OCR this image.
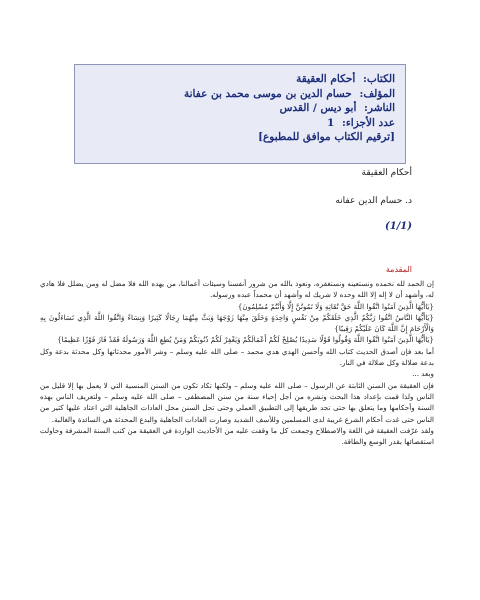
الكتاب: أحكام العقيقة
المؤلف: حسام الدين بن موسى محمد بن عفانة
الناشر: أبو ديس / القدس
عدد الأجزاء: 1
[ترقيم الكتاب موافق للمطبوع]
أحكام العقيقة
د. حسام الدين عفانه
(1/1)
المقدمة

إن الحمد لله نحمده ونستعينه ونستغفره، ونعوذ بالله من شرور أنفسنا وسيئات أعمالنا، من يهده الله فلا مضل له ومن يضلل فلا هادي له، وأشهد أن لا إله إلا الله وحده لا شريك له وأشهد أن محمداً عبده ورسوله.

{يَاأَيُّهَا الَّذِينَ آمَنُوا اتَّقُوا اللَّهَ حَقَّ تُقَاتِهِ وَلَا تَمُوتُنَّ إِلَّا وَأَنْتُمْ مُسْلِمُونَ}

{يَاأَيُّهَا النَّاسُ اتَّقُوا رَبَّكُمُ الَّذِي خَلَقَكُمْ مِنْ نَفْسٍ وَاحِدَةٍ وَخَلَقَ مِنْهَا زَوْجَهَا وَبَثَّ مِنْهُمَا رِجَالًا كَثِيرًا وَنِسَاءً وَاتَّقُوا اللَّهَ الَّذِي تَسَاءَلُونَ بِهِ وَالْأَرْحَامَ إِنَّ اللَّهَ كَانَ عَلَيْكُمْ رَقِيبًا}

{يَاأَيُّهَا الَّذِينَ آمَنُوا اتَّقُوا اللَّهَ وَقُولُوا قَوْلًا سَدِيدًا يُصْلِحْ لَكُمْ أَعْمَالَكُمْ وَيَغْفِرْ لَكُمْ ذُنُوبَكُمْ وَمَنْ يُطِعِ اللَّهَ وَرَسُولَهُ فَقَدْ فَازَ فَوْزًا عَظِيمًا}

أما بعد فإن أصدق الحديث كتاب الله وأحسن الهدي هدي محمد – صلى الله عليه وسلم – وشر الأمور محدثاتها وكل محدثة بدعة وكل بدعة ضلالة وكل ضلالة في النار.

وبعد ...

فإن العقيقة من السنن الثابتة عن الرسول – صلى الله عليه وسلم – ولكنها تكاد تكون من السنن المنسية التي لا يعمل بها إلا قليل من الناس ولذا قمت بإعداد هذا البحث ونشره من أجل إحياء سنة من سنن المصطفى – صلى الله عليه وسلم – ولتعريف الناس بهذه السنة وأحكامها وما يتعلق بها حتى تجد طريقها إلى التطبيق العملي وحتى تحل السنن محل العادات الجاهلية التي اعتاد عليها كثير من الناس حتى غدت أحكام الشرع غريبة لدى المسلمين وللأسف الشديد وصارت العادات الجاهلية والبدع المحدثة هي السائدة والغالبة.

ولقد عرّفت العقيقة في اللغة والاصطلاح وجمعت كل ما وقفت عليه من الأحاديث الواردة في العقيقة من كتب السنة المشرفة وحاولت استقصائها بقدر الوسع والطاقة.
